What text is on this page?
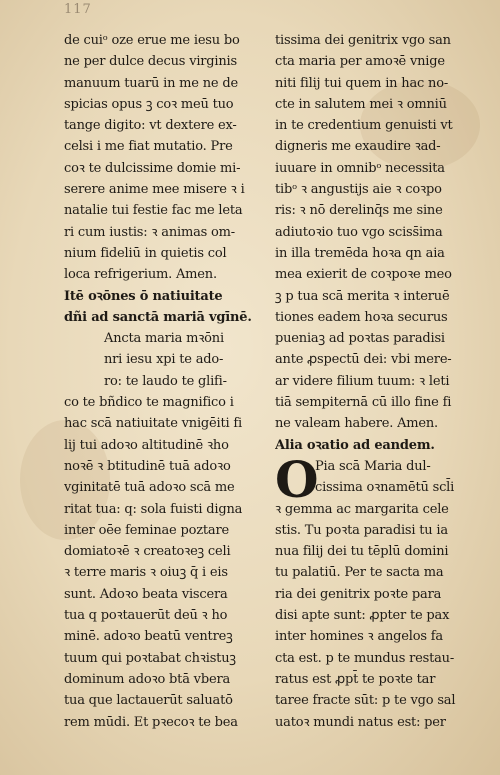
117
de cuiᵒ oze erue me iesu bo
ne per dulce decus virginis
manuum tuarū in me ne de
spicias opus ꝫ coꝛ meū tuo
tange digito: vt dextere ex-
celsi i me fiat mutatio. Pre
coꝛ te dulcissime domie mi-
serere anime mee misere ꝛ i
natalie tui festie fac me leta
ri cum iustis: ꝛ animas om-
nium fideliū in quietis col
loca refrigerium. Amen.
Itē oꝛōnes ō natiuitate
dñi ad sanctā mariā vgīnē.
Ancta maria mꝛōni
nri iesu xpi te ado-
ro: te laudo te glifi-
co te bñdico te magnifico i
hac scā natiuitate vnigēiti fi
lij tui adoꝛo altitudinē ꝛho
noꝛē ꝛ btitudinē tuā adoꝛo
vginitatē tuā adoꝛo scā me
ritat tua: q: sola fuisti digna
inter oēe feminae poztare
domiatoꝛē ꝛ creatoꝛeꝫ celi
ꝛ terre maris ꝛ oiuꝫ q̄ i eis
sunt. Adoꝛo beata viscera
tua q poꝛtauerūt deū ꝛ ho
minē. adoꝛo beatū ventreꝫ
tuum qui poꝛtabat chꝛistuꝫ
dominum adoꝛo btā vbera
tua que lactauerūt saluatō
rem mūdi. Et pꝛecoꝛ te bea
O
tissima dei genitrix vgo san
cta maria per amoꝛē vnige
niti filij tui quem in hac no-
cte in salutem mei ꝛ omniū
in te credentium genuisti vt
digneris me exaudire ꝛad-
iuuare in omnibᵒ necessita
tibᵒ ꝛ angustijs aie ꝛ coꝛpo
ris: ꝛ nō derelinq̄s me sine
adiutoꝛio tuo vgo sciss̄ima
in illa tremēda hoꝛa qn aia
mea exierit de coꝛpoꝛe meo
ꝫ p tua scā merita ꝛ interuē
tiones eadem hoꝛa securus
pueniaꝫ ad poꝛtas paradisi
ante ꝓspectū dei: vbi mere-
ar videre filium tuum: ꝛ leti
tiā sempiternā cū illo fine fi
ne valeam habere. Amen.
Alia oꝛatio ad eandem.
Pia scā Maria dul-
cissima oꝛnamētū scl̄i
ꝛ gemma ac margarita cele
stis. Tu poꝛta paradisi tu ia
nua filij dei tu tēplū domini
tu palatiū. Per te sacta ma
ria dei genitrix poꝛte para
disi apte sunt: ꝓpter te pax
inter homines ꝛ angelos fa
cta est. p te mundus restau-
ratus est ꝓpt̄ te poꝛte tar
taree fracte sūt: p te vgo sal
uatoꝛ mundi natus est: per
